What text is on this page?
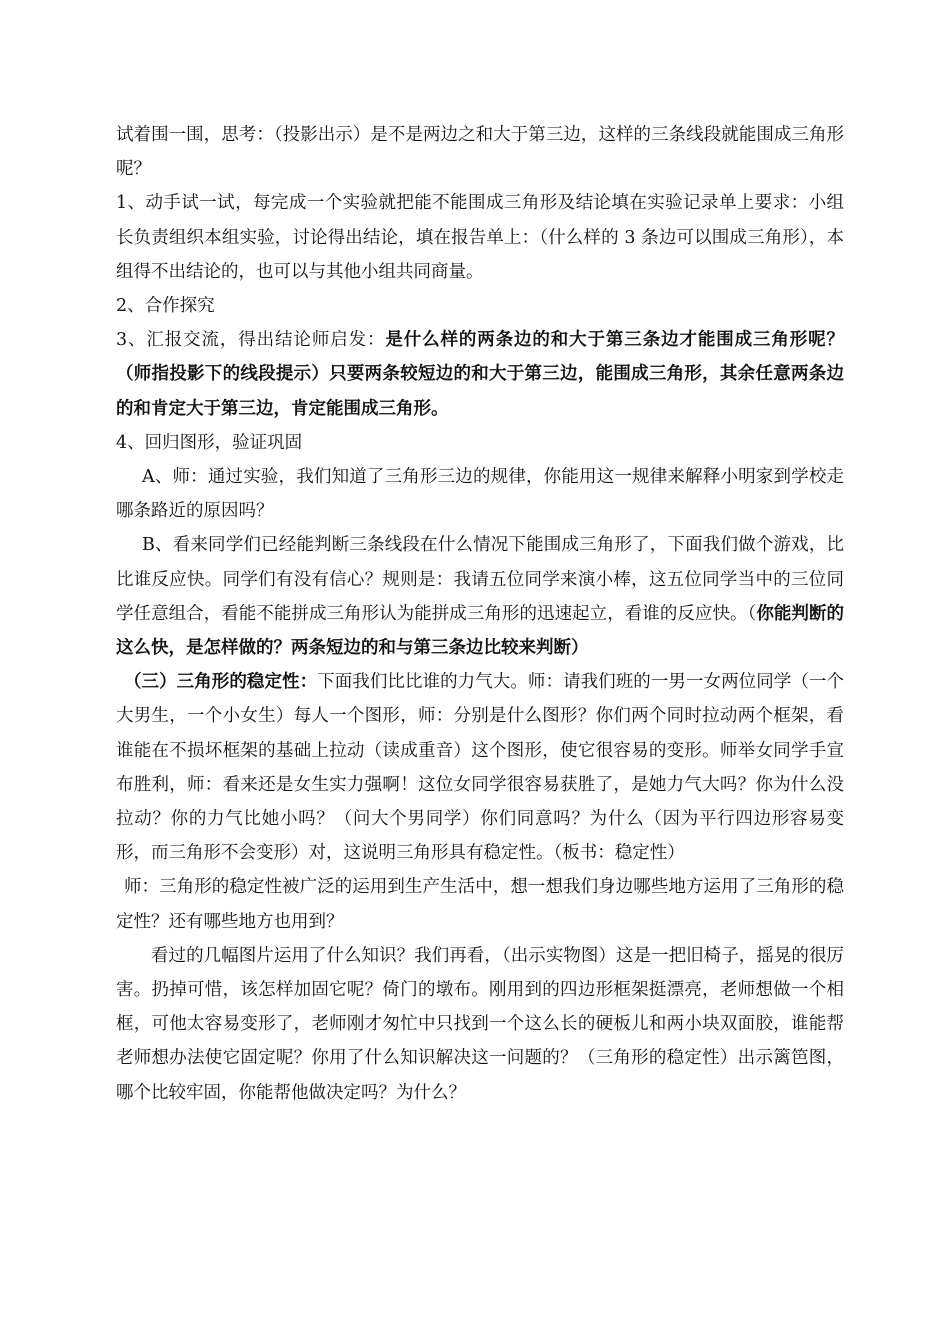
试着围一围，思考：（投影出示）是不是两边之和大于第三边，这样的三条线段就能围成三角形呢？

1、动手试一试，每完成一个实验就把能不能围成三角形及结论填在实验记录单上要求：小组长负责组织本组实验，讨论得出结论，填在报告单上：（什么样的 3 条边可以围成三角形），本组得不出结论的，也可以与其他小组共同商量。

2、合作探究

3、汇报交流，得出结论师启发：是什么样的两条边的和大于第三条边才能围成三角形呢？（师指投影下的线段提示）只要两条较短边的和大于第三边，能围成三角形，其余任意两条边的和肯定大于第三边，肯定能围成三角形。

4、回归图形，验证巩固

A、师：通过实验，我们知道了三角形三边的规律，你能用这一规律来解释小明家到学校走哪条路近的原因吗？

B、看来同学们已经能判断三条线段在什么情况下能围成三角形了，下面我们做个游戏，比比谁反应快。同学们有没有信心？规则是：我请五位同学来演小棒，这五位同学当中的三位同学任意组合，看能不能拼成三角形认为能拼成三角形的迅速起立，看谁的反应快。（你能判断的这么快，是怎样做的？两条短边的和与第三条边比较来判断）

（三）三角形的稳定性：下面我们比比谁的力气大。师：请我们班的一男一女两位同学（一个大男生，一个小女生）每人一个图形，师：分别是什么图形？你们两个同时拉动两个框架，看谁能在不损坏框架的基础上拉动（读成重音）这个图形，使它很容易的变形。师举女同学手宣布胜利，师：看来还是女生实力强啊！这位女同学很容易获胜了，是她力气大吗？你为什么没拉动？你的力气比她小吗？（问大个男同学）你们同意吗？为什么（因为平行四边形容易变形，而三角形不会变形）对，这说明三角形具有稳定性。（板书：稳定性）

师：三角形的稳定性被广泛的运用到生产生活中，想一想我们身边哪些地方运用了三角形的稳定性？还有哪些地方也用到？

看过的几幅图片运用了什么知识？我们再看，（出示实物图）这是一把旧椅子，摇晃的很厉害。扔掉可惜，该怎样加固它呢？倚门的墩布。刚用到的四边形框架挺漂亮，老师想做一个相框，可他太容易变形了，老师刚才匆忙中只找到一个这么长的硬板儿和两小块双面胶，谁能帮老师想办法使它固定呢？你用了什么知识解决这一问题的？（三角形的稳定性）出示篱笆图，哪个比较牢固，你能帮他做决定吗？为什么？
